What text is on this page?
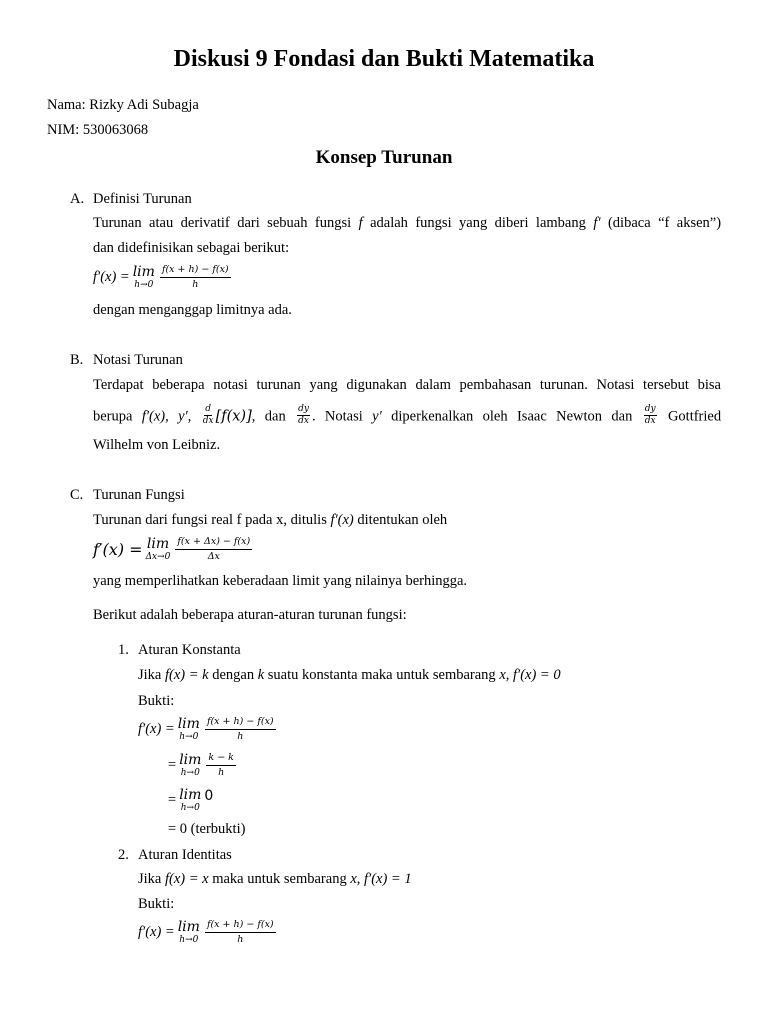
Diskusi 9 Fondasi dan Bukti Matematika
Nama: Rizky Adi Subagja
NIM: 530063068
Konsep Turunan
A. Definisi Turunan
Turunan atau derivatif dari sebuah fungsi f adalah fungsi yang diberi lambang f′ (dibaca “f aksen”)
dan didefinisikan sebagai berikut:
f′(x) = lim
$h\to 0 \frac{f(x + h) - f(x)}{h}$
dengan menganggap limitnya ada.
B. Notasi Turunan
Terdapat beberapa notasi turunan yang digunakan dalam pembahasan turunan. Notasi tersebut bisa
berupa f′(x), y′, $\frac{d}{dx} [f(x)]$, dan $\frac{dy}{dx}$ . Notasi y′ diperkenalkan oleh Isaac Newton dan $\frac{dy}{dx}$ Gottfried
Wilhelm von Leibniz.
C. Turunan Fungsi
Turunan dari fungsi real f pada x, ditulis f′(x) ditentukan oleh
f′(x) = lim
$\Delta x\to 0 \frac{f(x + \Delta x) - f(x)}{\Delta x}$
yang memperlihatkan keberadaan limit yang nilainya berhingga.
Berikut adalah beberapa aturan-aturan turunan fungsi:
1. Aturan Konstanta
Jika f(x) = k dengan k suatu konstanta maka untuk sembarang x, f′(x) = 0
Bukti:
f′(x) = lim
$h\to 0 \frac{f(x + h) - f(x)}{h}$
= lim
$h\to 0 \frac{k - k}{h}$
= lim
h→0
0
= 0 (terbukti)
2. Aturan Identitas
Jika f(x) = x maka untuk sembarang x, f′(x) = 1
Bukti:
f′(x) = lim
$h\to 0 \frac{f(x + h) - f(x)}{h}$
